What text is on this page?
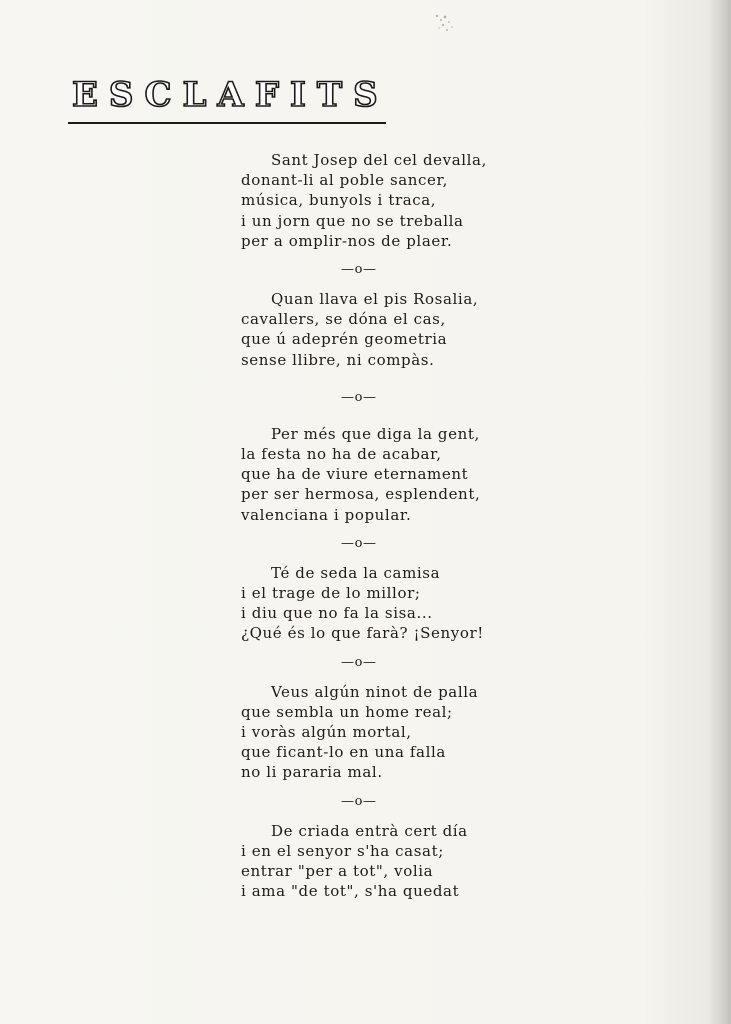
ESCLAFITS
Sant Josep del cel devalla,
donant-li al poble sancer,
música, bunyols i traca,
i un jorn que no se treballa
per a omplir-nos de plaer.
—o—
Quan llava el pis Rosalia,
cavallers, se dóna el cas,
que ú adeprén geometria
sense llibre, ni compàs.
—o—
Per més que diga la gent,
la festa no ha de acabar,
que ha de viure eternament
per ser hermosa, esplendent,
valenciana i popular.
—o—
Té de seda la camisa
i el trage de lo millor;
i diu que no fa la sisa...
¿Qué és lo que farà? ¡Senyor!
—o—
Veus algún ninot de palla
que sembla un home real;
i voràs algún mortal,
que ficant-lo en una falla
no li pararia mal.
—o—
De criada entrà cert día
i en el senyor s'ha casat;
entrar "per a tot", volia
i ama "de tot", s'ha quedat
